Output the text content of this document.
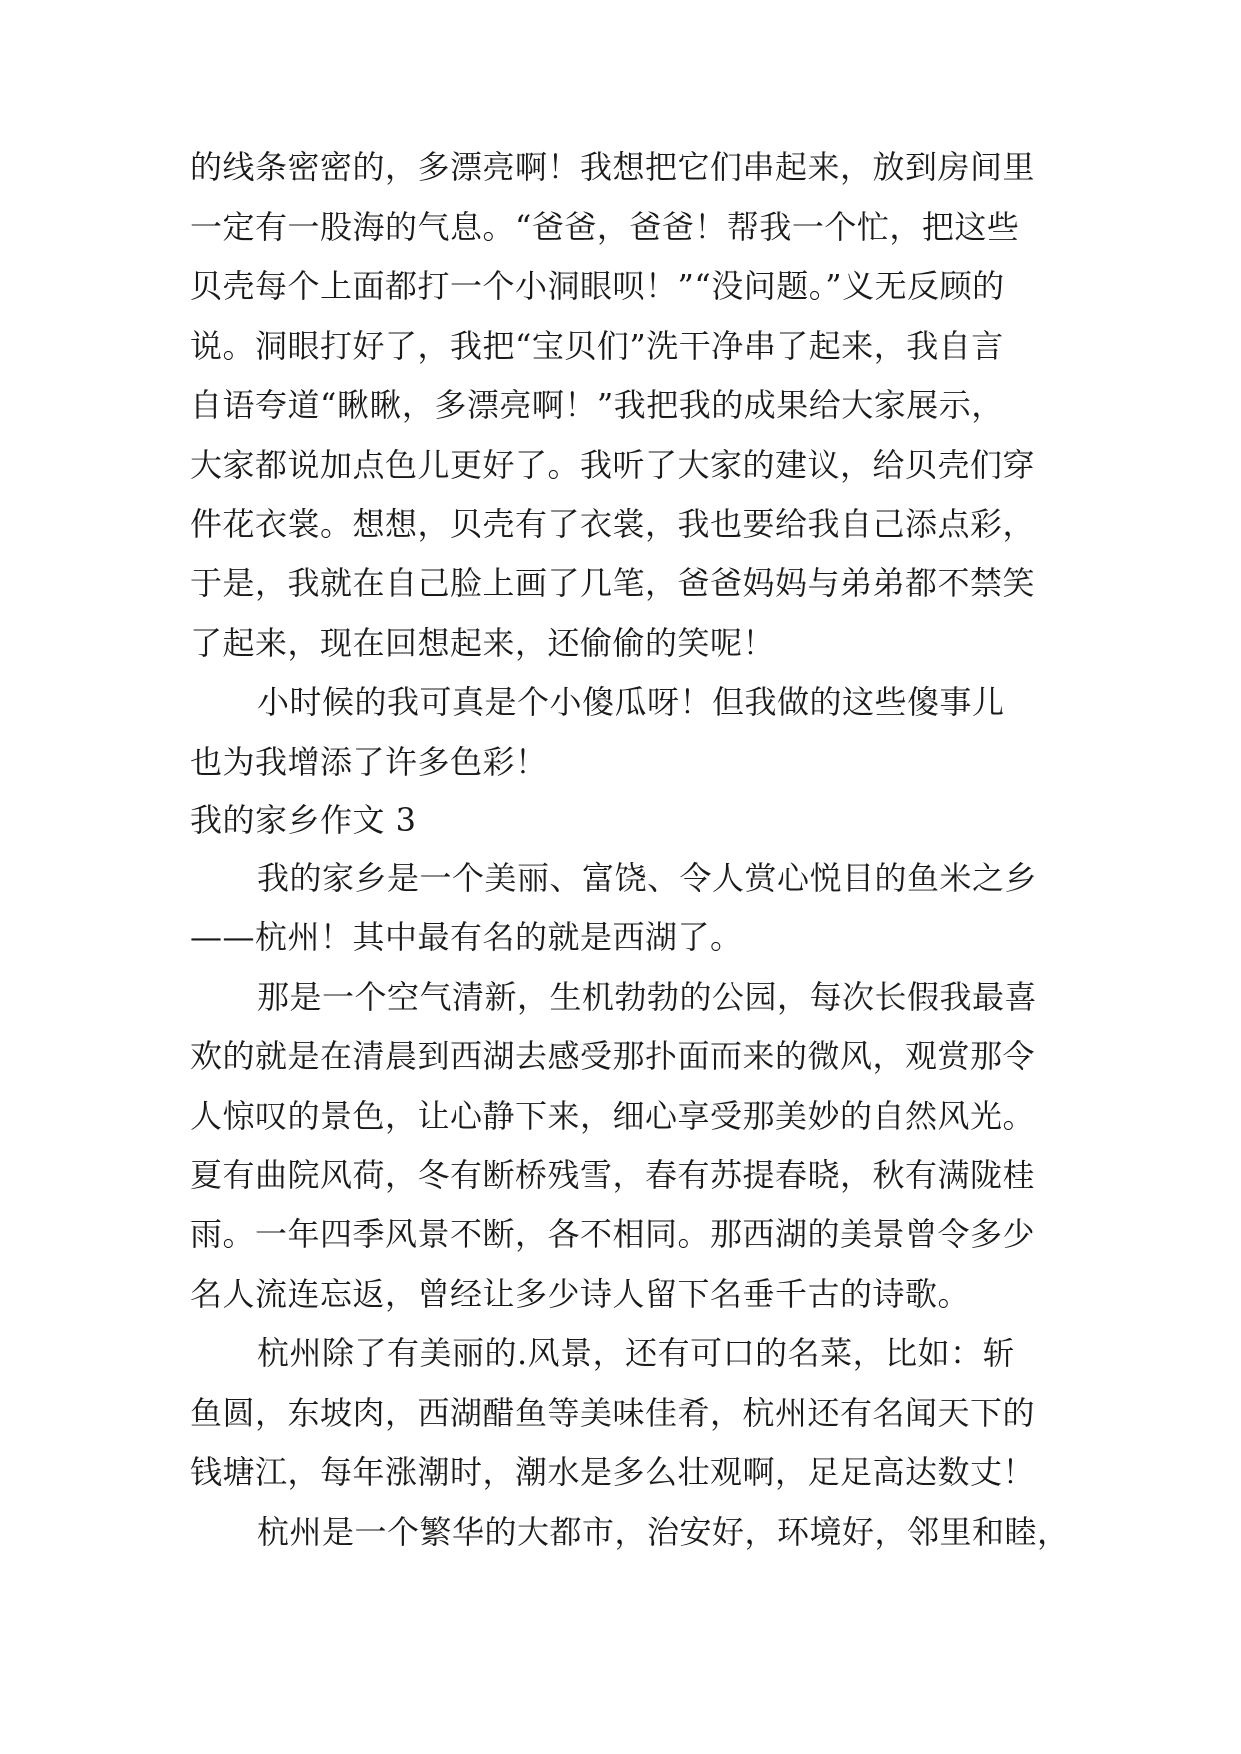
的线条密密的，多漂亮啊！我想把它们串起来，放到房间里
一定有一股海的气息。“爸爸，爸爸！帮我一个忙，把这些
贝壳每个上面都打一个小洞眼呗！”“没问题。”义无反顾的
说。洞眼打好了，我把“宝贝们”洗干净串了起来，我自言
自语夸道“瞅瞅，多漂亮啊！”我把我的成果给大家展示，
大家都说加点色儿更好了。我听了大家的建议，给贝壳们穿
件花衣裳。想想，贝壳有了衣裳，我也要给我自己添点彩，
于是，我就在自己脸上画了几笔，爸爸妈妈与弟弟都不禁笑
了起来，现在回想起来，还偷偷的笑呢！
小时候的我可真是个小傻瓜呀！但我做的这些傻事儿
也为我增添了许多色彩！
我的家乡作文 3
我的家乡是一个美丽、富饶、令人赏心悦目的鱼米之乡
——杭州！其中最有名的就是西湖了。
那是一个空气清新，生机勃勃的公园，每次长假我最喜
欢的就是在清晨到西湖去感受那扑面而来的微风，观赏那令
人惊叹的景色，让心静下来，细心享受那美妙的自然风光。
夏有曲院风荷，冬有断桥残雪，春有苏提春晓，秋有满陇桂
雨。一年四季风景不断，各不相同。那西湖的美景曾令多少
名人流连忘返，曾经让多少诗人留下名垂千古的诗歌。
杭州除了有美丽的.风景，还有可口的名菜，比如：斩
鱼圆，东坡肉，西湖醋鱼等美味佳肴，杭州还有名闻天下的
钱塘江，每年涨潮时，潮水是多么壮观啊，足足高达数丈！
杭州是一个繁华的大都市，治安好，环境好，邻里和睦，
